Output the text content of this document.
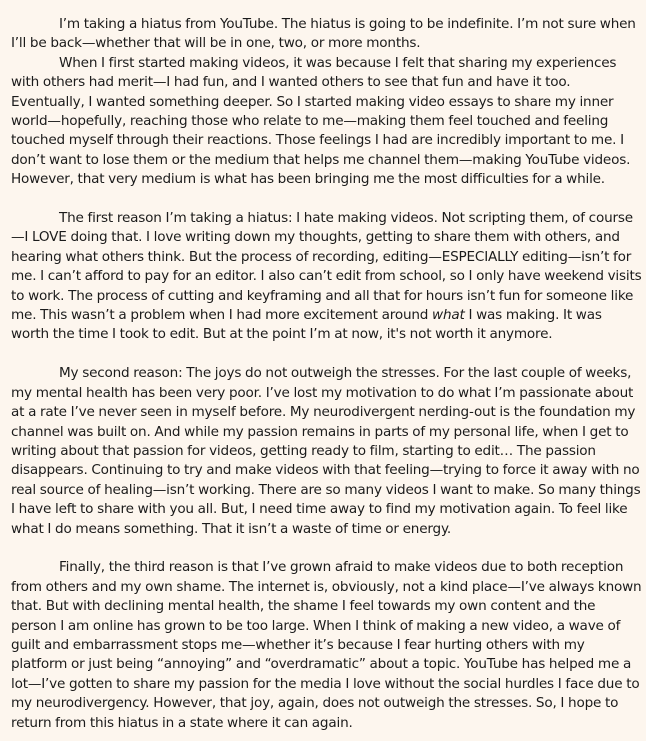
I’m taking a hiatus from YouTube. The hiatus is going to be indefinite. I’m not sure when I’ll be back—whether that will be in one, two, or more months.

When I first started making videos, it was because I felt that sharing my experiences with others had merit—I had fun, and I wanted others to see that fun and have it too. Eventually, I wanted something deeper. So I started making video essays to share my inner world—hopefully, reaching those who relate to me—making them feel touched and feeling touched myself through their reactions. Those feelings I had are incredibly important to me. I don’t want to lose them or the medium that helps me channel them—making YouTube videos. However, that very medium is what has been bringing me the most difficulties for a while.

The first reason I’m taking a hiatus: I hate making videos. Not scripting them, of course—I LOVE doing that. I love writing down my thoughts, getting to share them with others, and hearing what others think. But the process of recording, editing—ESPECIALLY editing—isn’t for me. I can’t afford to pay for an editor. I also can’t edit from school, so I only have weekend visits to work. The process of cutting and keyframing and all that for hours isn’t fun for someone like me. This wasn’t a problem when I had more excitement around what I was making. It was worth the time I took to edit. But at the point I’m at now, it's not worth it anymore.

My second reason: The joys do not outweigh the stresses. For the last couple of weeks, my mental health has been very poor. I’ve lost my motivation to do what I’m passionate about at a rate I’ve never seen in myself before. My neurodivergent nerding-out is the foundation my channel was built on. And while my passion remains in parts of my personal life, when I get to writing about that passion for videos, getting ready to film, starting to edit… The passion disappears. Continuing to try and make videos with that feeling—trying to force it away with no real source of healing—isn’t working. There are so many videos I want to make. So many things I have left to share with you all. But, I need time away to find my motivation again. To feel like what I do means something. That it isn’t a waste of time or energy.

Finally, the third reason is that I’ve grown afraid to make videos due to both reception from others and my own shame. The internet is, obviously, not a kind place—I’ve always known that. But with declining mental health, the shame I feel towards my own content and the person I am online has grown to be too large. When I think of making a new video, a wave of guilt and embarrassment stops me—whether it’s because I fear hurting others with my platform or just being “annoying” and “overdramatic” about a topic. YouTube has helped me a lot—I’ve gotten to share my passion for the media I love without the social hurdles I face due to my neurodivergency. However, that joy, again, does not outweigh the stresses. So, I hope to return from this hiatus in a state where it can again.
